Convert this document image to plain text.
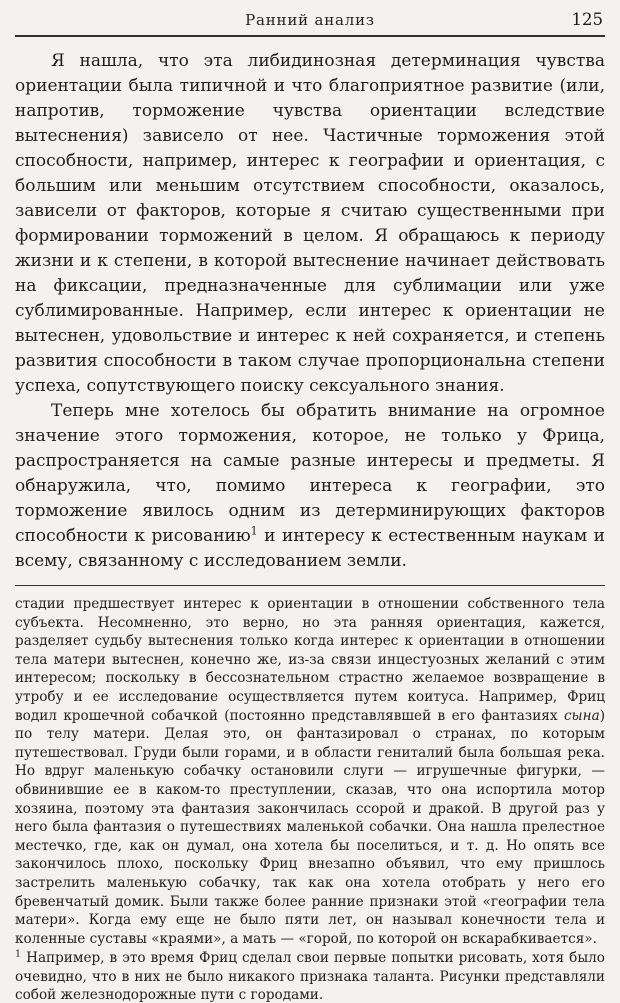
Ранний анализ	125

Я нашла, что эта либидинозная детерминация чувства ориентации была типичной и что благоприятное развитие (или, напротив, торможение чувства ориентации вследствие вытеснения) зависело от нее. Частичные торможения этой способности, например, интерес к географии и ориентация, с большим или меньшим отсутствием способности, оказалось, зависели от факторов, которые я считаю существенными при формировании торможений в целом. Я обращаюсь к периоду жизни и к степени, в которой вытеснение начинает действовать на фиксации, предназначенные для сублимации или уже сублимированные. Например, если интерес к ориентации не вытеснен, удовольствие и интерес к ней сохраняется, и степень развития способности в таком случае пропорциональна степени успеха, сопутствующего поиску сексуального знания.

Теперь мне хотелось бы обратить внимание на огромное значение этого торможения, которое, не только у Фрица, распространяется на самые разные интересы и предметы. Я обнаружила, что, помимо интереса к географии, это торможение явилось одним из детерминирующих факторов способности к рисованию$^1$ и интересу к естественным наукам и всему, связанному с исследованием земли.

стадии предшествует интерес к ориентации в отношении собственного тела субъекта. Несомненно, это верно, но эта ранняя ориентация, кажется, разделяет судьбу вытеснения только когда интерес к ориентации в отношении тела матери вытеснен, конечно же, из-за связи инцестуозных желаний с этим интересом; поскольку в бессознательном страстно желаемое возвращение в утробу и ее исследование осуществляется путем коитуса. Например, Фриц водил крошечной собачкой (постоянно представлявшей в его фантазиях сына) по телу матери. Делая это, он фантазировал о странах, по которым путешествовал. Груди были горами, и в области гениталий была большая река. Но вдруг маленькую собачку остановили слуги — игрушечные фигурки, — обвинившие ее в каком-то преступлении, сказав, что она испортила мотор хозяина, поэтому эта фантазия закончилась ссорой и дракой. В другой раз у него была фантазия о путешествиях маленькой собачки. Она нашла прелестное местечко, где, как он думал, она хотела бы поселиться, и т. д. Но опять все закончилось плохо, поскольку Фриц внезапно объявил, что ему пришлось застрелить маленькую собачку, так как она хотела отобрать у него его бревенчатый домик. Были также более ранние признаки этой «географии тела матери». Когда ему еще не было пяти лет, он называл конечности тела и коленные суставы «краями», а мать — «горой, по которой он вскарабкивается».

$^1$ Например, в это время Фриц сделал свои первые попытки рисовать, хотя было очевидно, что в них не было никакого признака таланта. Рисунки представляли собой железнодорожные пути с городами.
